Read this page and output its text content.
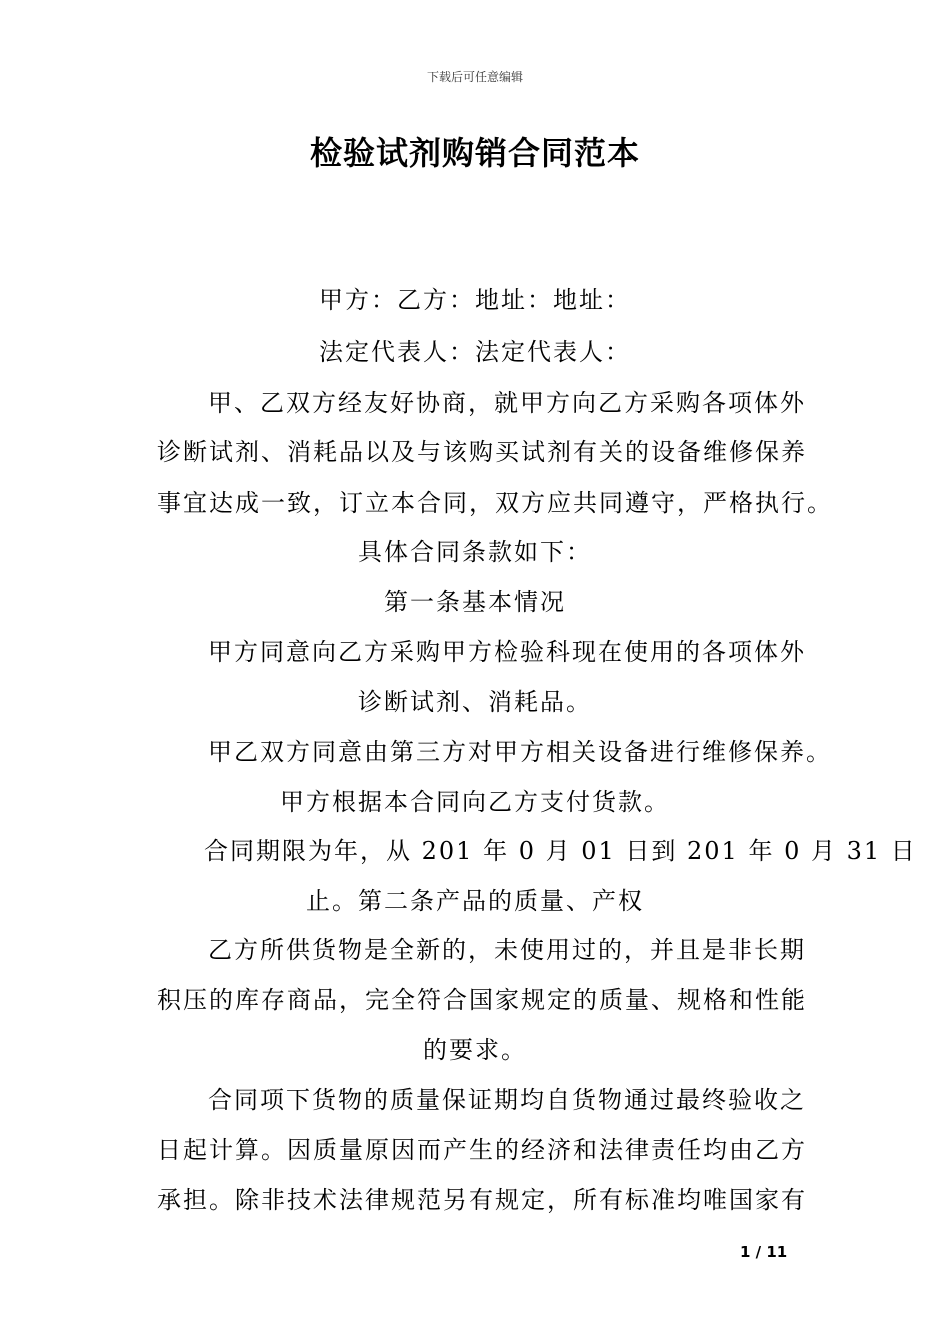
下载后可任意编辑
检验试剂购销合同范本
甲方：乙方：地址：地址：
法定代表人：法定代表人：
甲、乙双方经友好协商，就甲方向乙方采购各项体外
诊断试剂、消耗品以及与该购买试剂有关的设备维修保养
事宜达成一致，订立本合同，双方应共同遵守，严格执行。
具体合同条款如下：
第一条基本情况
甲方同意向乙方采购甲方检验科现在使用的各项体外
诊断试剂、消耗品。
甲乙双方同意由第三方对甲方相关设备进行维修保养。
甲方根据本合同向乙方支付货款。
合同期限为年，从 201 年 0 月 01 日到 201 年 0 月 31 日
止。第二条产品的质量、产权
乙方所供货物是全新的，未使用过的，并且是非长期
积压的库存商品，完全符合国家规定的质量、规格和性能
的要求。
合同项下货物的质量保证期均自货物通过最终验收之
日起计算。因质量原因而产生的经济和法律责任均由乙方
承担。除非技术法律规范另有规定，所有标准均唯国家有
1 / 11
